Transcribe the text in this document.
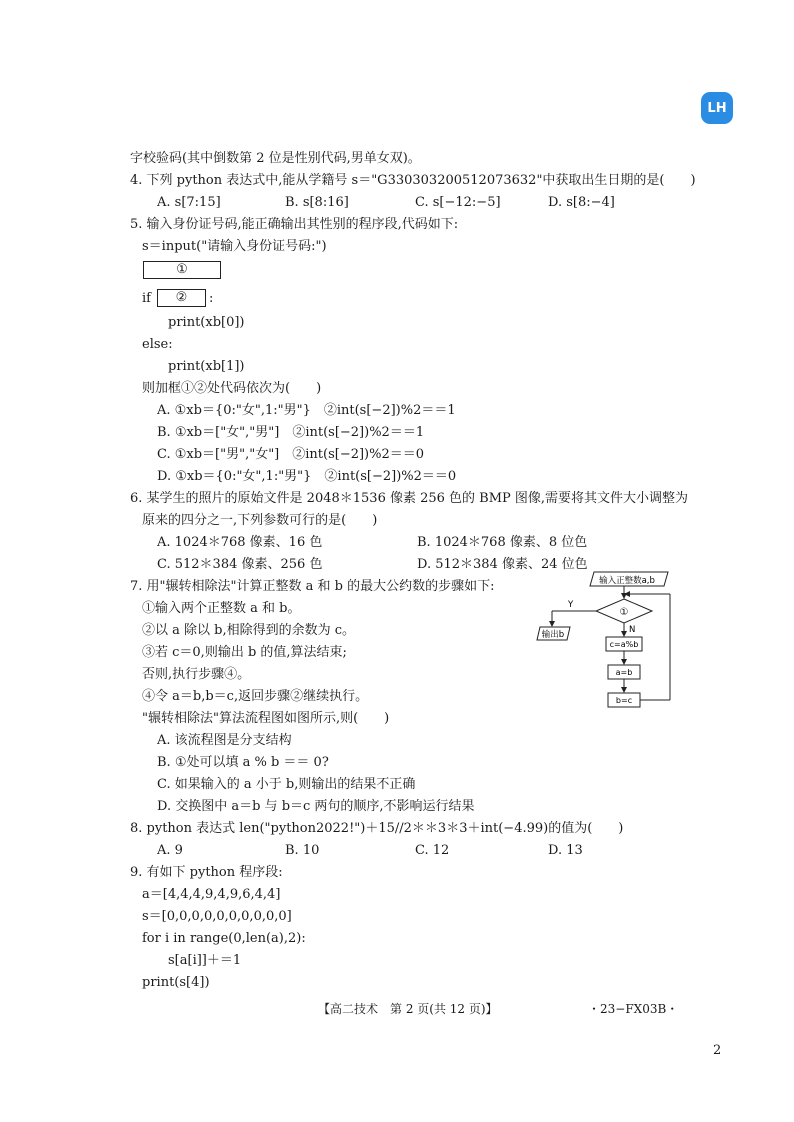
LH
字校验码(其中倒数第 2 位是性别代码,男单女双)。
4. 下列 python 表达式中,能从学籍号 s＝"G33030320051207363​2"中获取出生日期的是(　　)
A. s[7:15]	B. s[8:16]	C. s[−12:−5]	D. s[8:−4]
5. 输入身份证号码,能正确输出其性别的程序段,代码如下:
s＝input("请输入身份证号码:")
①
if	②	:
print(xb[0])
else:
print(xb[1])
则加框①②处代码依次为(　　)
A. ①xb＝{0:"女",1:"男"}　②int(s[−2])%2＝＝1
B. ①xb＝["女","男"]　②int(s[−2])%2＝＝1
C. ①xb＝["男","女"]　②int(s[−2])%2＝＝0
D. ①xb＝{0:"女",1:"男"}　②int(s[−2])%2＝＝0
6. 某学生的照片的原始文件是 2048＊1536 像素 256 色的 BMP 图像,需要将其文件大小调整为
原来的四分之一,下列参数可行的是(　　)
A. 1024＊768 像素、16 色	B. 1024＊768 像素、8 位色
C. 512＊384 像素、256 色	D. 512＊384 像素、24 位色
7. 用"辗转相除法"计算正整数 a 和 b 的最大公约数的步骤如下:
①输入两个正整数 a 和 b。
②以 a 除以 b,相除得到的余数为 c。
③若 c＝0,则输出 b 的值,算法结束;
否则,执行步骤④。
④令 a＝b,b＝c,返回步骤②继续执行。
"辗转相除法"算法流程图如图所示,则(　　)
A. 该流程图是分支结构
B. ①处可以填 a % b ＝＝ 0?
C. 如果输入的 a 小于 b,则输出的结果不正确
D. 交换图中 a＝b 与 b＝c 两句的顺序,不影响运行结果
输入正整数a,b
①
Y
输出b	N
c=a%b
a=b
b=c
8. python 表达式 len("python2022!")＋15//2＊＊3＊3＋int(−4.99)的值为(　　)
A. 9	B. 10	C. 12	D. 13
9. 有如下 python 程序段:
a＝[4,4,4,9,4,9,6,4,4]
s＝[0,0,0,0,0,0,0,0,0,0]
for i in range(0,len(a),2):
s[a[i]]＋＝1
print(s[4])
【高二技术　第 2 页(共 12 页)】	・23−FX03B・
2
